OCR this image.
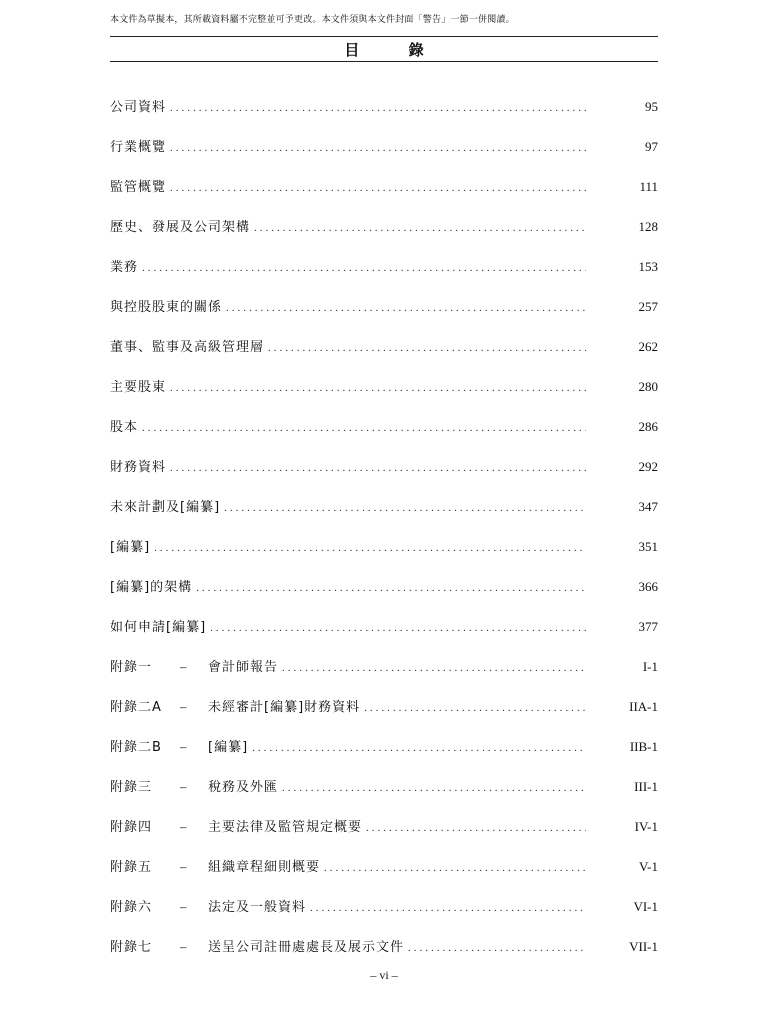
本文件為草擬本，其所載資料屬不完整並可予更改。本文件須與本文件封面「警告」一節一併閱讀。
目 錄
公司資料 .....	95
行業概覽 .....	97
監管概覽 .....	111
歷史、發展及公司架構 .....	128
業務 .....	153
與控股股東的關係 .....	257
董事、監事及高級管理層 .....	262
主要股東 .....	280
股本 .....	286
財務資料 .....	292
未來計劃及[編纂] .....	347
[編纂] .....	351
[編纂]的架構 .....	366
如何申請[編纂] .....	377
附錄一	–	會計師報告 .....	I-1
附錄二A	–	未經審計[編纂]財務資料 .....	IIA-1
附錄二B	–	[編纂] .....	IIB-1
附錄三	–	稅務及外匯 .....	III-1
附錄四	–	主要法律及監管規定概要 .....	IV-1
附錄五	–	組織章程細則概要 .....	V-1
附錄六	–	法定及一般資料 .....	VI-1
附錄七	–	送呈公司註冊處處長及展示文件 .....	VII-1
– vi –
